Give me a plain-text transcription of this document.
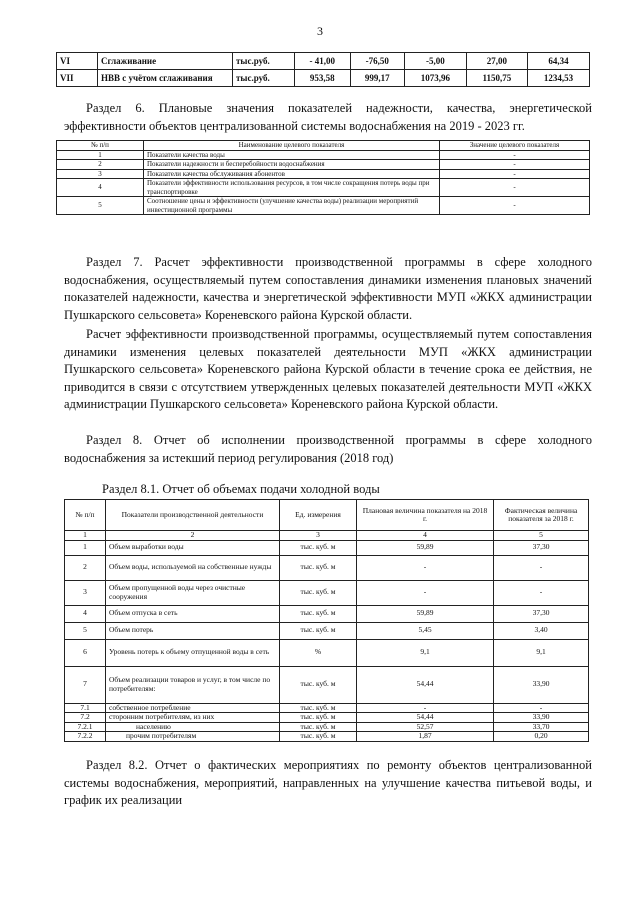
3
VI	Сглаживание	тыс.руб.	- 41,00	-76,50	-5,00	27,00	64,34
VII	НВВ с учётом сглаживания	тыс.руб.	953,58	999,17	1073,96	1150,75	1234,53

Раздел 6. Плановые значения показателей надежности, качества, энергетической эффективности объектов централизованной системы водоснабжения на 2019 - 2023 гг.

№ п/п	Наименование целевого показателя	Значение целевого показателя
1	Показатели качества воды	-
2	Показатели надежности и бесперебойности водоснабжения	-
3	Показатели качества обслуживания абонентов	-
4	Показатели эффективности использования ресурсов, в том числе сокращения потерь воды при транспортировке	-
5	Соотношение цены и эффективности (улучшение качества воды) реализации мероприятий инвестиционной программы	-

Раздел 7. Расчет эффективности производственной программы в сфере холодного водоснабжения, осуществляемый путем сопоставления динамики изменения плановых значений показателей надежности, качества и энергетической эффективности МУП «ЖКХ администрации Пушкарского сельсовета» Кореневского района Курской области.

Расчет эффективности производственной программы, осуществляемый путем сопоставления динамики изменения целевых показателей деятельности МУП «ЖКХ администрации Пушкарского сельсовета» Кореневского района Курской области в течение срока ее действия, не приводится в связи с отсутствием утвержденных целевых показателей деятельности МУП «ЖКХ администрации Пушкарского сельсовета» Кореневского района Курской области.

Раздел 8. Отчет об исполнении производственной программы в сфере холодного водоснабжения за истекший период регулирования (2018 год)

Раздел 8.1. Отчет об объемах подачи холодной воды
№ п/п	Показатели производственной деятельности	Ед. измерения	Плановая величина показателя на 2018 г.	Фактическая величина показателя за 2018 г.
1	2	3	4	5
1	Объем выработки воды	тыс. куб. м	59,89	37,30
2	Объем воды, используемой на собственные нужды	тыс. куб. м	-	-
3	Объем пропущенной воды через очистные сооружения	тыс. куб. м	-	-
4	Объем отпуска в сеть	тыс. куб. м	59,89	37,30
5	Объем потерь	тыс. куб. м	5,45	3,40
6	Уровень потерь к объему отпущенной воды в сеть	%	9,1	9,1
7	Объем реализации товаров и услуг, в том числе по потребителям:	тыс. куб. м	54,44	33,90
7.1	собственное потребление	тыс. куб. м	-	-
7.2	сторонним потребителям, из них	тыс. куб. м	54,44	33,90
7.2.1	населению	тыс. куб. м	52,57	33,70
7.2.2	прочим потребителям	тыс. куб. м	1,87	0,20

Раздел 8.2. Отчет о фактических мероприятиях по ремонту объектов централизованной системы водоснабжения, мероприятий, направленных на улучшение качества питьевой воды, и график их реализации
